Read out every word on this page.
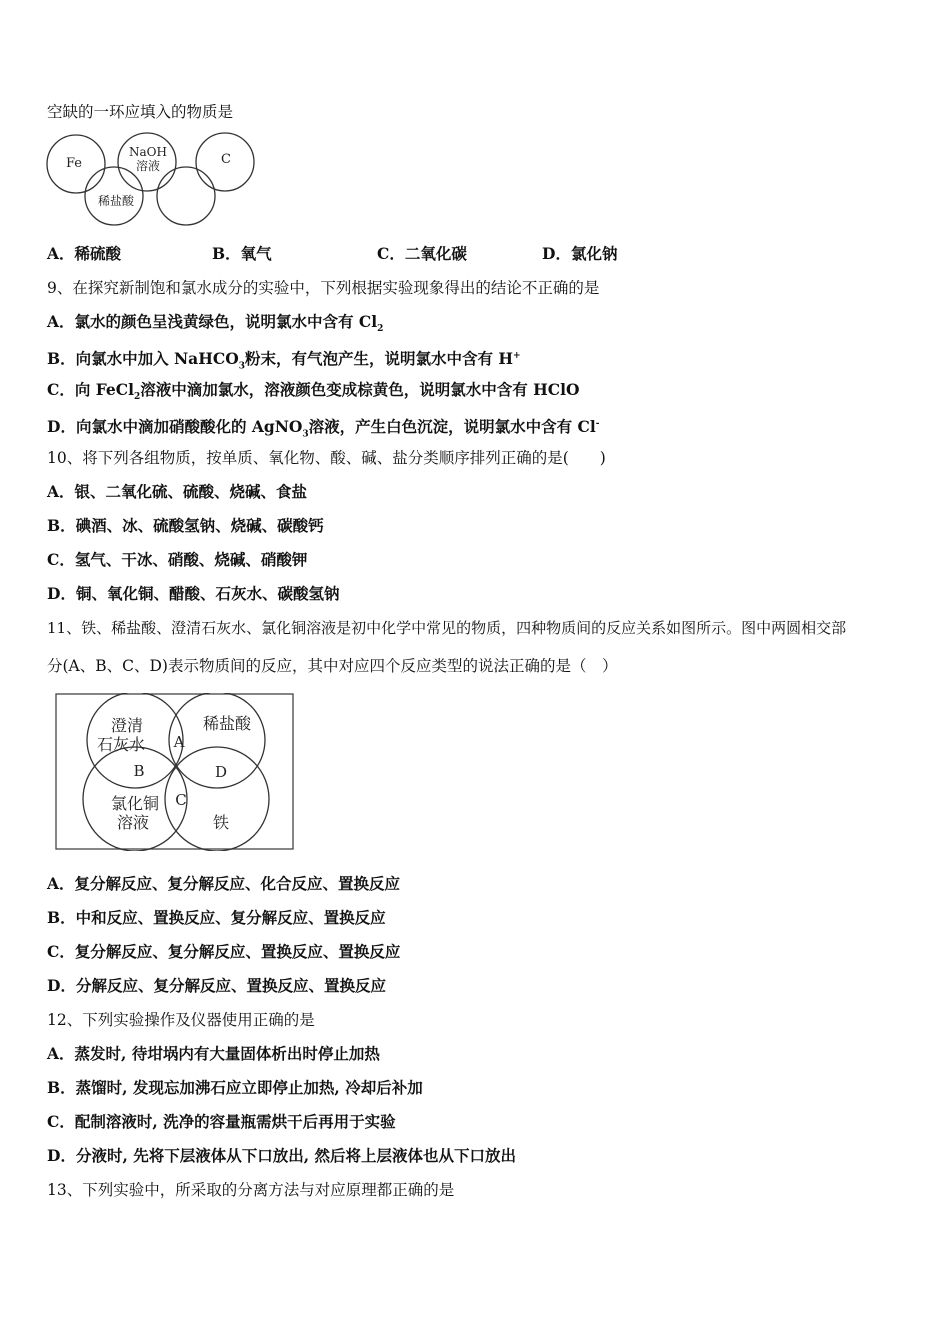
空缺的一环应填入的物质是
Fe
NaOH
溶液	C
稀盐酸
A．稀硫酸	B．氧气	C．二氧化碳	D．氯化钠
9、在探究新制饱和氯水成分的实验中，下列根据实验现象得出的结论不正确的是
A．氯水的颜色呈浅黄绿色，说明氯水中含有 $Cl_2$
B．向氯水中加入 NaHCO$_3$粉末，有气泡产生，说明氯水中含有 H+
C．向 FeCl$_2$溶液中滴加氯水，溶液颜色变成棕黄色，说明氯水中含有 HClO
D．向氯水中滴加硝酸酸化的 AgNO$_3$溶液，产生白色沉淀，说明氯水中含有 Cl-
10、将下列各组物质，按单质、氧化物、酸、碱、盐分类顺序排列正确的是(　　)
A．银、二氧化硫、硫酸、烧碱、食盐
B．碘酒、冰、硫酸氢钠、烧碱、碳酸钙
C．氢气、干冰、硝酸、烧碱、硝酸钾
D．铜、氧化铜、醋酸、石灰水、碳酸氢钠
11、铁、稀盐酸、澄清石灰水、氯化铜溶液是初中化学中常见的物质，四种物质间的反应关系如图所示。图中两圆相交部
分(A、B、C、D)表示物质间的反应，其中对应四个反应类型的说法正确的是（　）
澄清
石灰水
稀盐酸
氯化铜
溶液	铁
A
B
C
D
A．复分解反应、复分解反应、化合反应、置换反应
B．中和反应、置换反应、复分解反应、置换反应
C．复分解反应、复分解反应、置换反应、置换反应
D．分解反应、复分解反应、置换反应、置换反应
12、下列实验操作及仪器使用正确的是
A．蒸发时, 待坩埚内有大量固体析出时停止加热
B．蒸馏时, 发现忘加沸石应立即停止加热, 冷却后补加
C．配制溶液时, 洗净的容量瓶需烘干后再用于实验
D．分液时, 先将下层液体从下口放出, 然后将上层液体也从下口放出
13、下列实验中，所采取的分离方法与对应原理都正确的是
